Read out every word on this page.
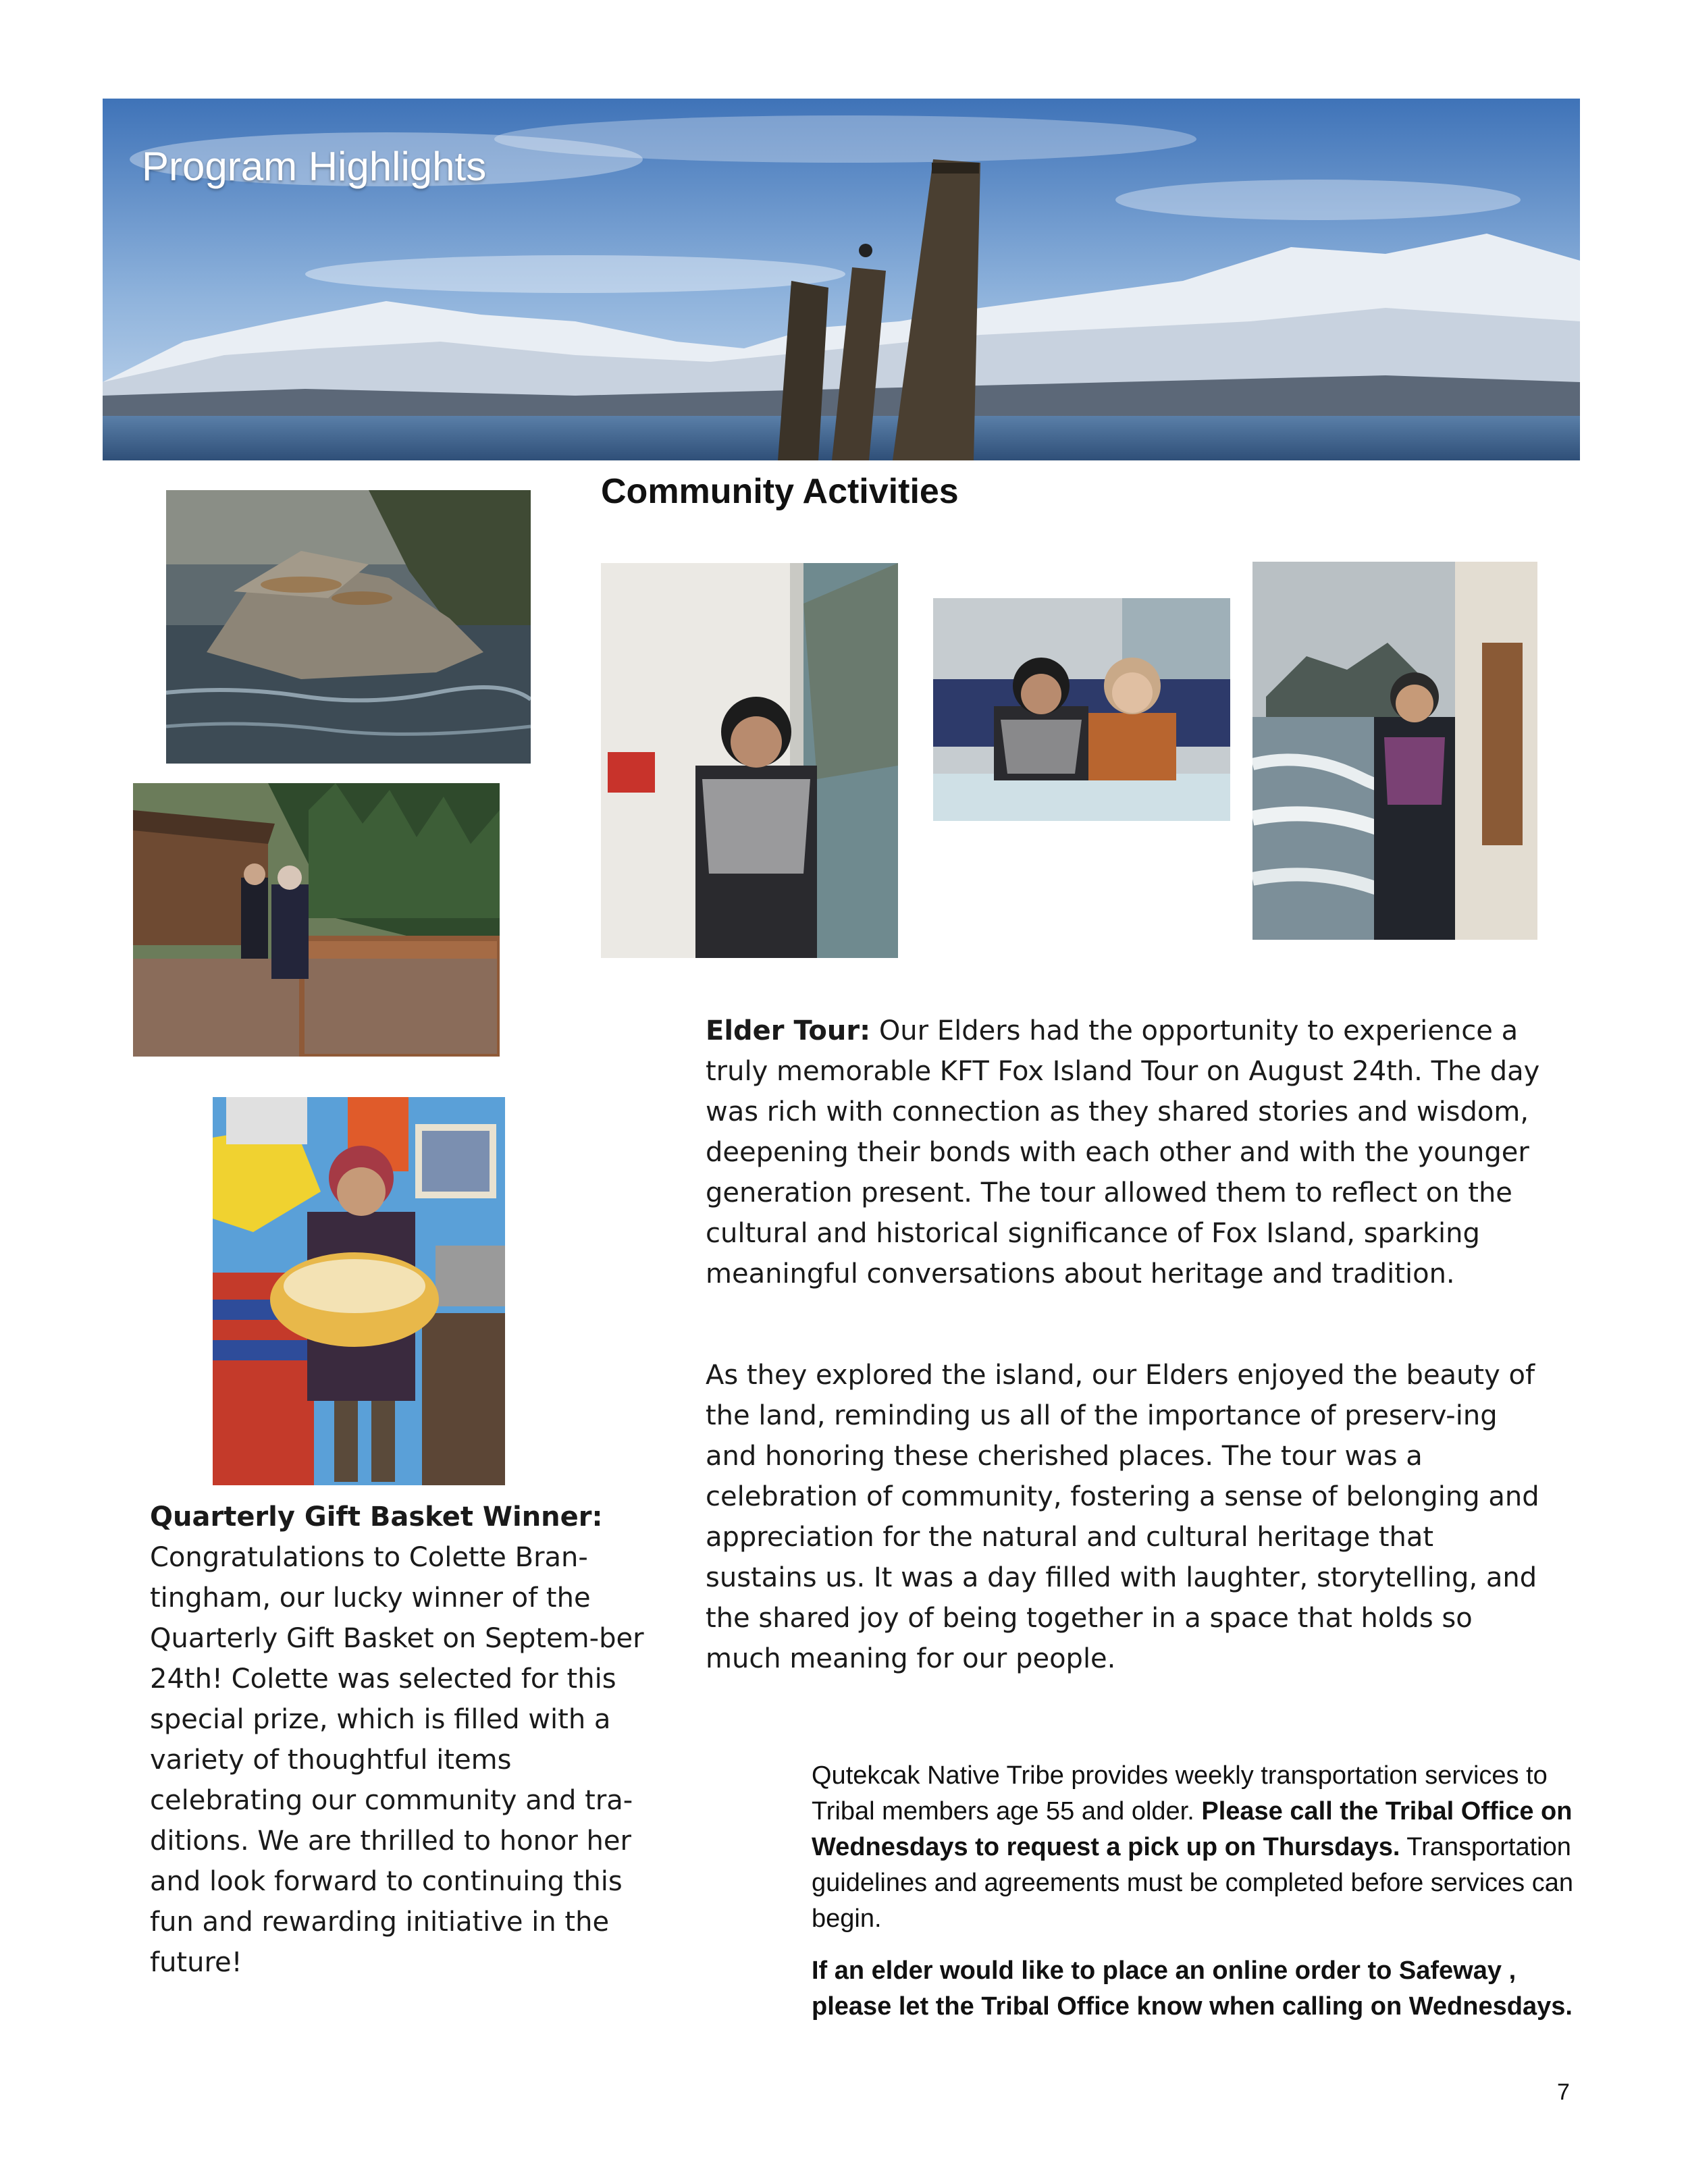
Program Highlights
Community Activities
Elder Tour: Our Elders had the opportunity to experience a truly memorable KFT Fox Island Tour on August 24th. The day was rich with connection as they shared stories and wisdom, deepening their bonds with each other and with the younger generation present. The tour allowed them to reflect on the cultural and historical significance of Fox Island, sparking meaningful conversations about heritage and tradition.
As they explored the island, our Elders enjoyed the beauty of the land, reminding us all of the importance of preserv-ing and honoring these cherished places. The tour was a celebration of community, fostering a sense of belonging and appreciation for the natural and cultural heritage that sustains us. It was a day filled with laughter, storytelling, and the shared joy of being together in a space that holds so much meaning for our people.
Quarterly Gift Basket Winner:
Congratulations to Colette Bran-tingham, our lucky winner of the Quarterly Gift Basket on Septem-ber 24th! Colette was selected for this special prize, which is filled with a variety of thoughtful items celebrating our community and tra-ditions. We are thrilled to honor her and look forward to continuing this fun and rewarding initiative in the future!

Qutekcak Native Tribe provides weekly transportation services to Tribal members age 55 and older. Please call the Tribal Office on Wednesdays to request a pick up on Thursdays. Transportation guidelines and agreements must be completed before services can begin.

If an elder would like to place an online order to Safeway , please let the Tribal Office know when calling on Wednesdays.

7
